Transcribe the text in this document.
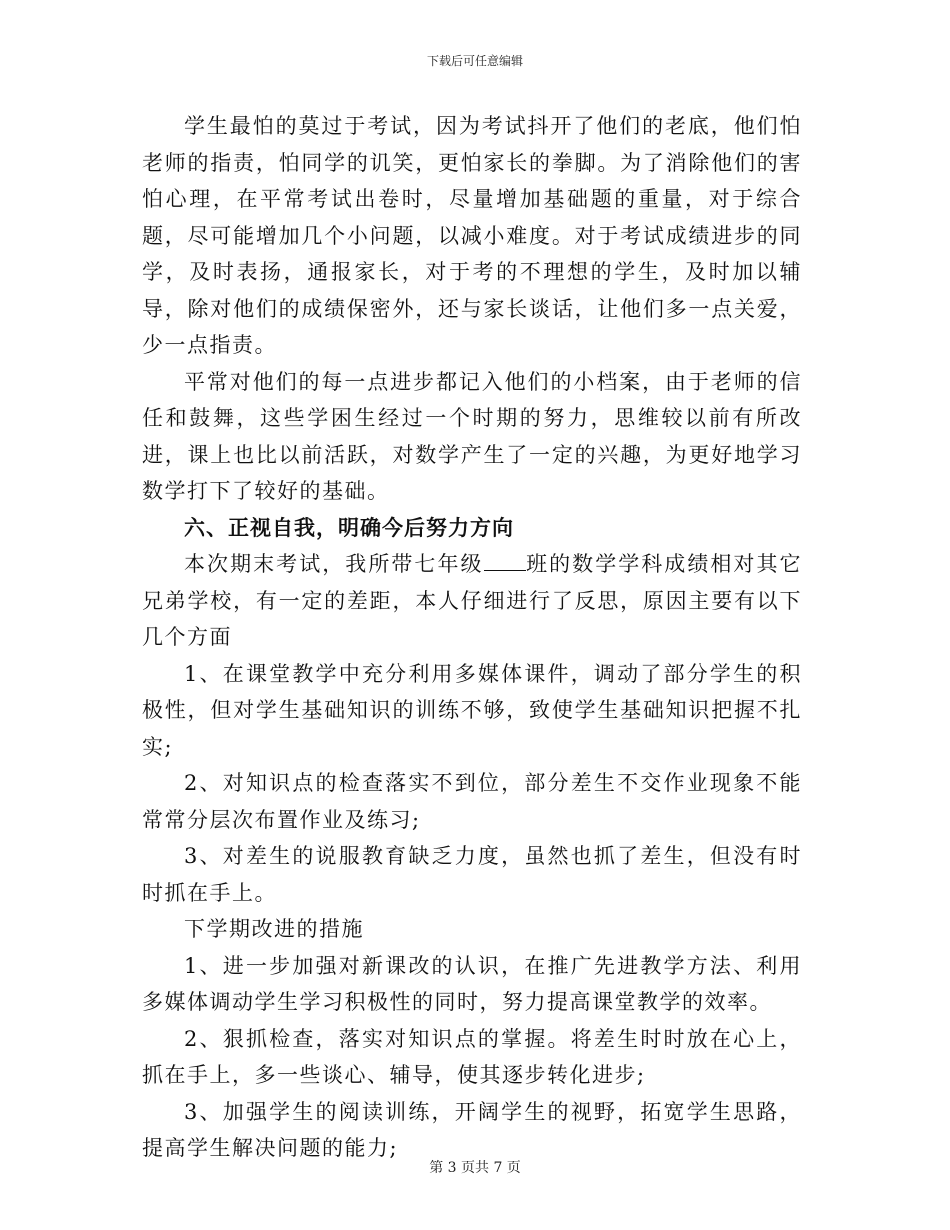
下载后可任意编辑

学生最怕的莫过于考试，因为考试抖开了他们的老底，他们怕老师的指责，怕同学的讥笑，更怕家长的拳脚。为了消除他们的害怕心理，在平常考试出卷时，尽量增加基础题的重量，对于综合题，尽可能增加几个小问题，以减小难度。对于考试成绩进步的同学，及时表扬，通报家长，对于考的不理想的学生，及时加以辅导，除对他们的成绩保密外，还与家长谈话，让他们多一点关爱，少一点指责。

平常对他们的每一点进步都记入他们的小档案，由于老师的信任和鼓舞，这些学困生经过一个时期的努力，思维较以前有所改进，课上也比以前活跃，对数学产生了一定的兴趣，为更好地学习数学打下了较好的基础。

六、正视自我，明确今后努力方向

本次期末考试，我所带七年级 班的数学学科成绩相对其它兄弟学校，有一定的差距，本人仔细进行了反思，原因主要有以下几个方面

1、在课堂教学中充分利用多媒体课件，调动了部分学生的积极性，但对学生基础知识的训练不够，致使学生基础知识把握不扎实;

2、对知识点的检查落实不到位，部分差生不交作业现象不能常常分层次布置作业及练习;

3、对差生的说服教育缺乏力度，虽然也抓了差生，但没有时时抓在手上。

下学期改进的措施

1、进一步加强对新课改的认识，在推广先进教学方法、利用多媒体调动学生学习积极性的同时，努力提高课堂教学的效率。

2、狠抓检查，落实对知识点的掌握。将差生时时放在心上，抓在手上，多一些谈心、辅导，使其逐步转化进步;

3、加强学生的阅读训练，开阔学生的视野，拓宽学生思路，提高学生解决问题的能力;

第 3 页共 7 页
